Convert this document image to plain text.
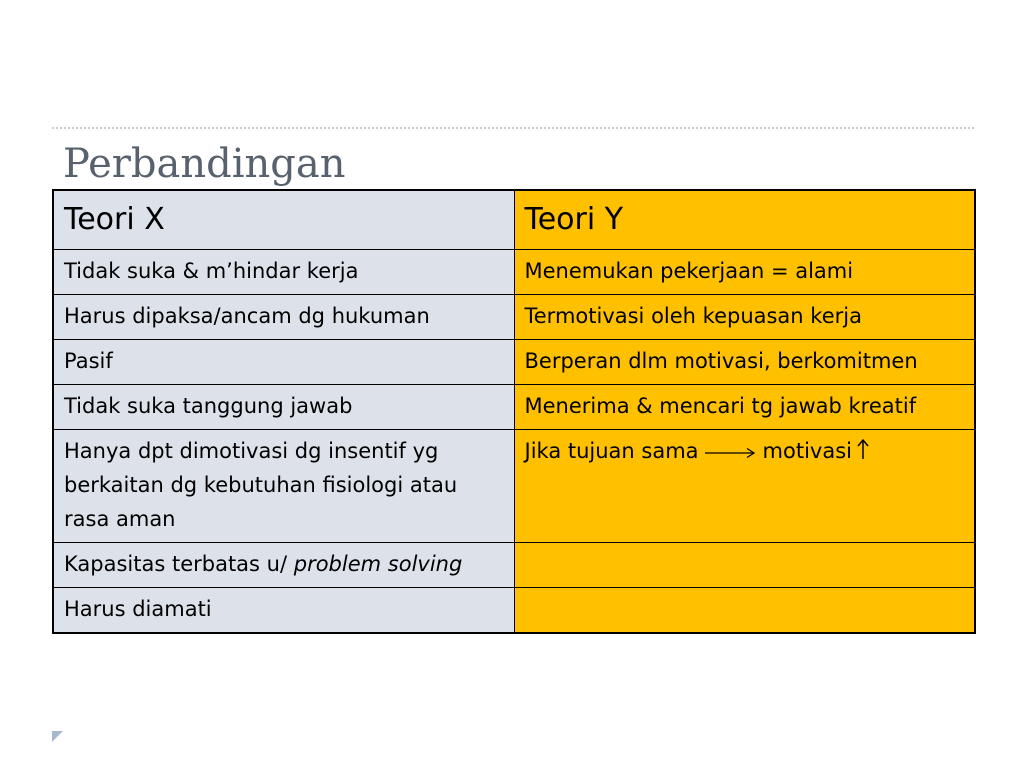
Perbandingan
Teori X	Teori Y
Tidak suka & m’hindar kerja	Menemukan pekerjaan = alami
Harus dipaksa/ancam dg hukuman	Termotivasi oleh kepuasan kerja
Pasif	Berperan dlm motivasi, berkomitmen
Tidak suka tanggung jawab	Menerima & mencari tg jawab kreatif
Hanya dpt dimotivasi dg insentif yg berkaitan dg kebutuhan fisiologi atau rasa aman	Jika tujuan sama motivasi
Kapasitas terbatas u/ problem solving	
Harus diamati	
